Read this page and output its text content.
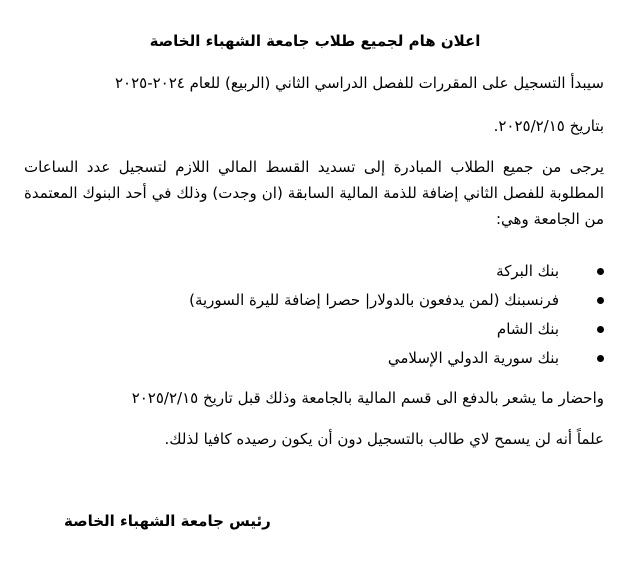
اعلان هام لجميع طلاب جامعة الشهباء الخاصة
سيبدأ التسجيل على المقررات للفصل الدراسي الثاني (الربيع) للعام ٢٠٢٤-٢٠٢٥
بتاريخ ٢٠٢٥/٢/١٥.
يرجى من جميع الطلاب المبادرة إلى تسديد القسط المالي اللازم لتسجيل عدد الساعات المطلوبة للفصل الثاني إضافة للذمة المالية السابقة (ان وجدت) وذلك في أحد البنوك المعتمدة من الجامعة وهي:
بنك البركة
فرنسبنك (لمن يدفعون بالدولار| حصرا إضافة لليرة السورية)
بنك الشام
بنك سورية الدولي الإسلامي
واحضار ما يشعر بالدفع الى قسم المالية بالجامعة وذلك قبل تاريخ ٢٠٢٥/٢/١٥
علماً أنه لن يسمح لاي طالب بالتسجيل دون أن يكون رصيده كافيا لذلك.
رئيس جامعة الشهباء الخاصة
